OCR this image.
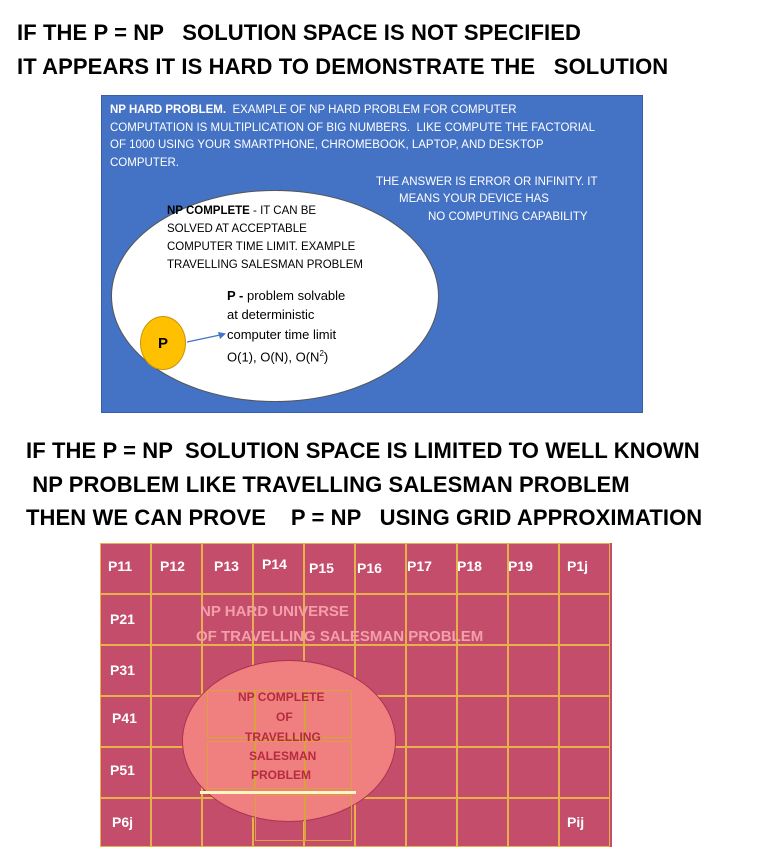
IF THE P = NP   SOLUTION SPACE IS NOT SPECIFIED
IT APPEARS IT IS HARD TO DEMONSTRATE THE   SOLUTION
NP HARD PROBLEM.  EXAMPLE OF NP HARD PROBLEM FOR COMPUTER
COMPUTATION IS MULTIPLICATION OF BIG NUMBERS.  LIKE COMPUTE THE FACTORIAL
OF 1000 USING YOUR SMARTPHONE, CHROMEBOOK, LAPTOP, AND DESKTOP
COMPUTER.
THE ANSWER IS ERROR OR INFINITY. IT
MEANS YOUR DEVICE HAS
NO COMPUTING CAPABILITY
NP COMPLETE - IT CAN BE
SOLVED AT ACCEPTABLE
COMPUTER TIME LIMIT. EXAMPLE
TRAVELLING SALESMAN PROBLEM
P
P - problem solvable
at deterministic
computer time limit
O(1), O(N), $O(N^2)$
IF THE P = NP  SOLUTION SPACE IS LIMITED TO WELL KNOWN
NP PROBLEM LIKE TRAVELLING SALESMAN PROBLEM
THEN WE CAN PROVE    P = NP   USING GRID APPROXIMATION
P11 P12 P13 P14 P15 P16 P17 P18 P19 P1j
P21
P31
P41
P51
P6j	Pij
NP HARD UNIVERSE
OF TRAVELLING SALESMAN PROBLEM
NP COMPLETE
OF
TRAVELLING
SALESMAN
PROBLEM
